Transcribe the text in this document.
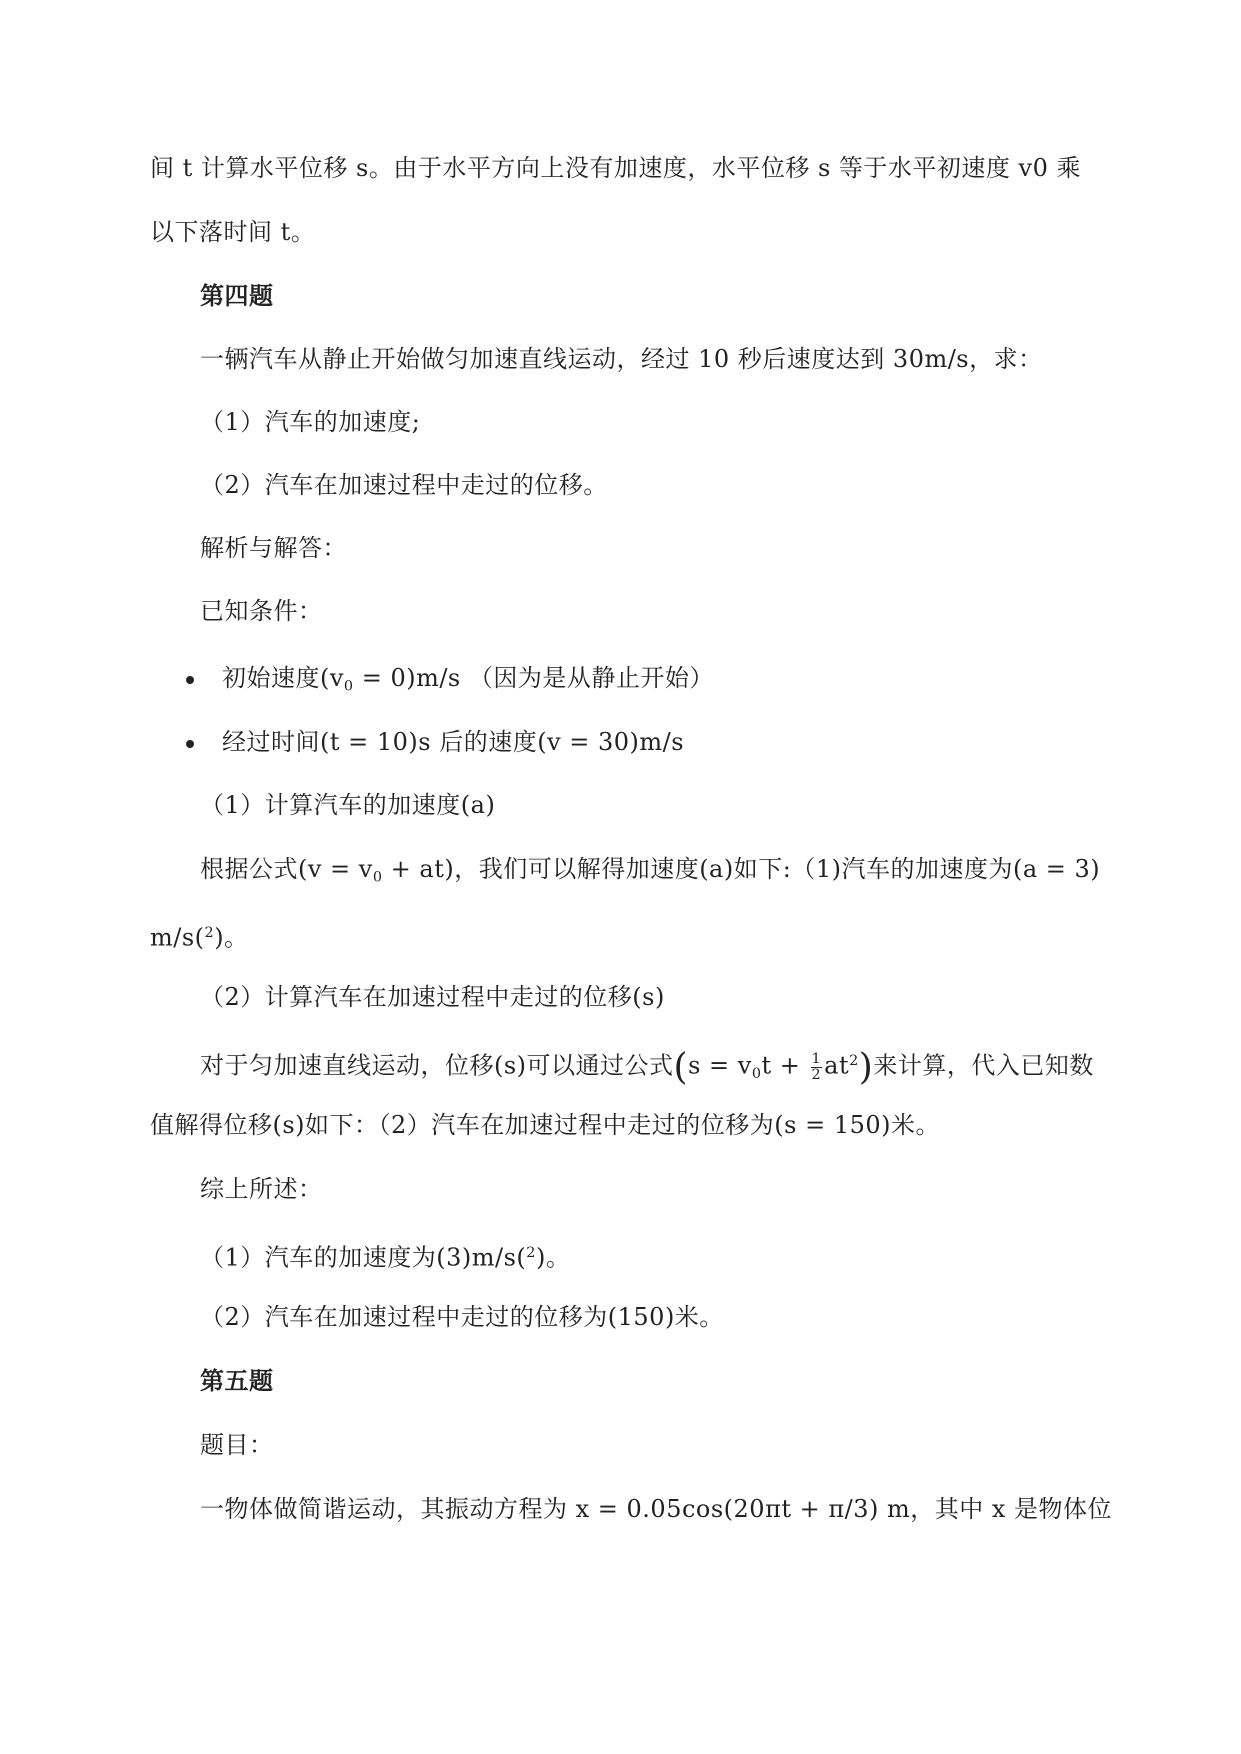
间 t 计算水平位移 s。由于水平方向上没有加速度，水平位移 s 等于水平初速度 v0 乘
以下落时间 t。
第四题
一辆汽车从静止开始做匀加速直线运动，经过 10 秒后速度达到 30m/s，求：
（1）汽车的加速度;
（2）汽车在加速过程中走过的位移。
解析与解答：
已知条件：
初始速度$(v_0 = 0)m/s$ （因为是从静止开始）
经过时间(t = 10)s 后的速度(v = 30)m/s
（1）计算汽车的加速度(a)
根据公式$(v = v_0 + at)$，我们可以解得加速度(a)如下:（1)汽车的加速度为(a = 3)
m/s($^2$)。
（2）计算汽车在加速过程中走过的位移(s)
对于匀加速直线运动，位移(s)可以通过公式$(s = v_0t + \frac{1}{2} at^2)$来计算，代入已知数
值解得位移(s)如下：（2）汽车在加速过程中走过的位移为(s = 150)米。
综上所述：
（1）汽车的加速度为(3)m/s($^2$)。
（2）汽车在加速过程中走过的位移为(150)米。
第五题
题目：
一物体做简谐运动，其振动方程为 x = 0.05cos(20πt + π/3) m，其中 x 是物体位
